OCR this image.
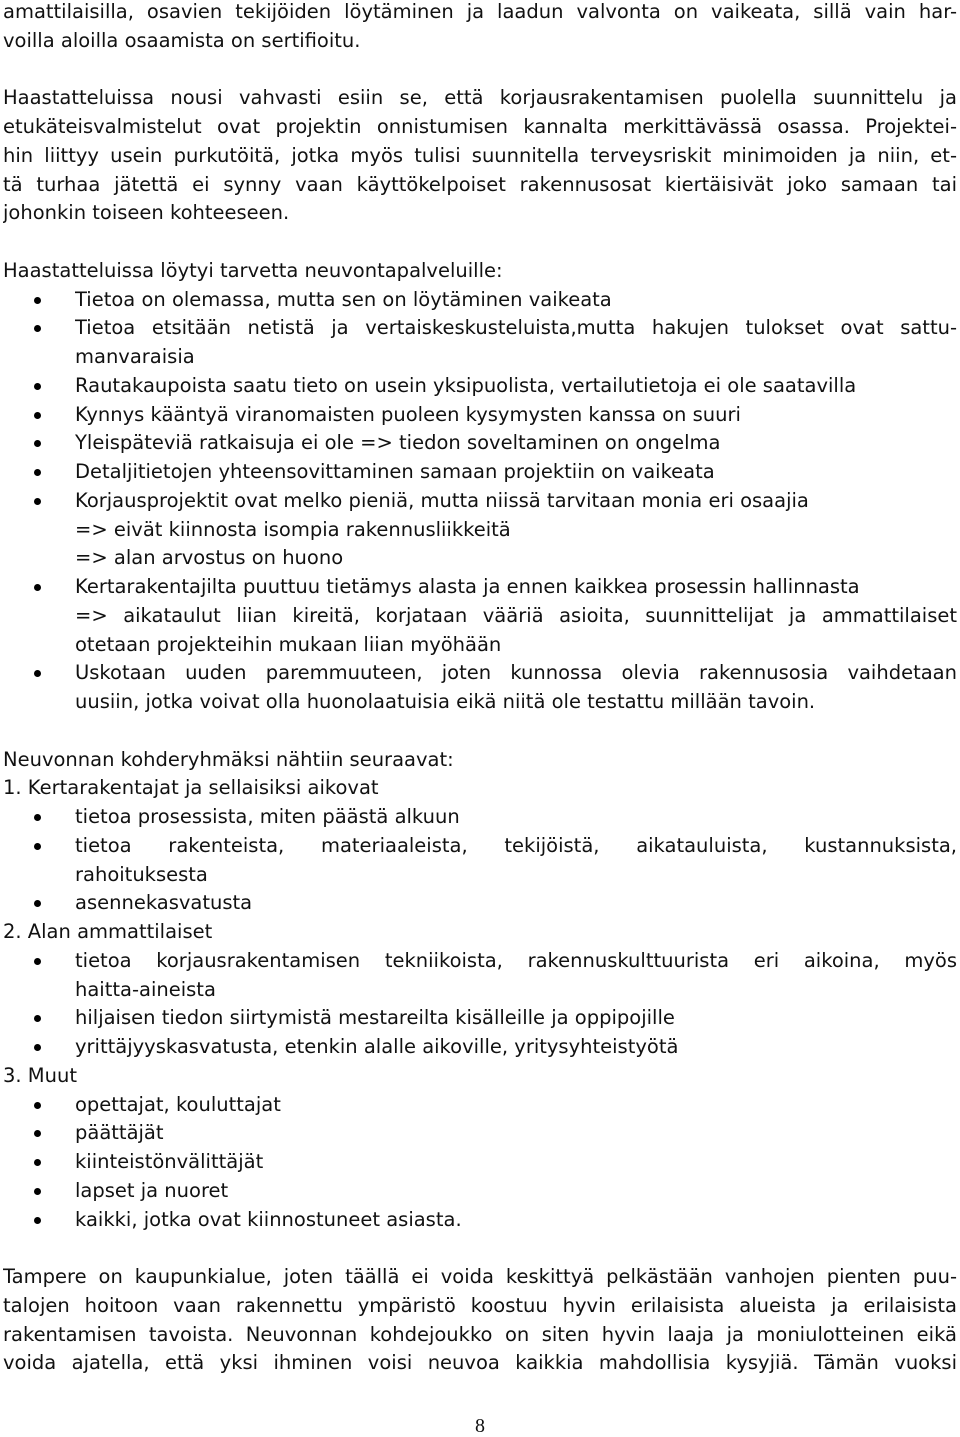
amattilaisilla, osavien tekijöiden löytäminen ja laadun valvonta on vaikeata, sillä vain har-
voilla aloilla osaamista on sertifioitu.
Haastatteluissa nousi vahvasti esiin se, että korjausrakentamisen puolella suunnittelu ja
etukäteisvalmistelut ovat projektin onnistumisen kannalta merkittävässä osassa. Projektei-
hin liittyy usein purkutöitä, jotka myös tulisi suunnitella terveysriskit minimoiden ja niin, et-
tä turhaa jätettä ei synny vaan käyttökelpoiset rakennusosat kiertäisivät joko samaan tai
johonkin toiseen kohteeseen.
Haastatteluissa löytyi tarvetta neuvontapalveluille:
Tietoa on olemassa, mutta sen on löytäminen vaikeata
Tietoa etsitään netistä ja vertaiskeskusteluista,mutta hakujen tulokset ovat sattu-
manvaraisia
Rautakaupoista saatu tieto on usein yksipuolista, vertailutietoja ei ole saatavilla
Kynnys kääntyä viranomaisten puoleen kysymysten kanssa on suuri
Yleispäteviä ratkaisuja ei ole => tiedon soveltaminen on ongelma
Detaljitietojen yhteensovittaminen samaan projektiin on vaikeata
Korjausprojektit ovat melko pieniä, mutta niissä tarvitaan monia eri osaajia
=> eivät kiinnosta isompia rakennusliikkeitä
=> alan arvostus on huono
Kertarakentajilta puuttuu tietämys alasta ja ennen kaikkea prosessin hallinnasta
=> aikataulut liian kireitä, korjataan vääriä asioita, suunnittelijat ja ammattilaiset
otetaan projekteihin mukaan liian myöhään
Uskotaan uuden paremmuuteen, joten kunnossa olevia rakennusosia vaihdetaan
uusiin, jotka voivat olla huonolaatuisia eikä niitä ole testattu millään tavoin.
Neuvonnan kohderyhmäksi nähtiin seuraavat:
1. Kertarakentajat ja sellaisiksi aikovat
tietoa prosessista, miten päästä alkuun
tietoa rakenteista, materiaaleista, tekijöistä, aikatauluista, kustannuksista,
rahoituksesta
asennekasvatusta
2. Alan ammattilaiset
tietoa korjausrakentamisen tekniikoista, rakennuskulttuurista eri aikoina, myös
haitta-aineista
hiljaisen tiedon siirtymistä mestareilta kisälleille ja oppipojille
yrittäjyyskasvatusta, etenkin alalle aikoville, yritysyhteistyötä
3. Muut
opettajat, kouluttajat
päättäjät
kiinteistönvälittäjät
lapset ja nuoret
kaikki, jotka ovat kiinnostuneet asiasta.
Tampere on kaupunkialue, joten täällä ei voida keskittyä pelkästään vanhojen pienten puu-
talojen hoitoon vaan rakennettu ympäristö koostuu hyvin erilaisista alueista ja erilaisista
rakentamisen tavoista. Neuvonnan kohdejoukko on siten hyvin laaja ja moniulotteinen eikä
voida ajatella, että yksi ihminen voisi neuvoa kaikkia mahdollisia kysyjiä. Tämän vuoksi
8
